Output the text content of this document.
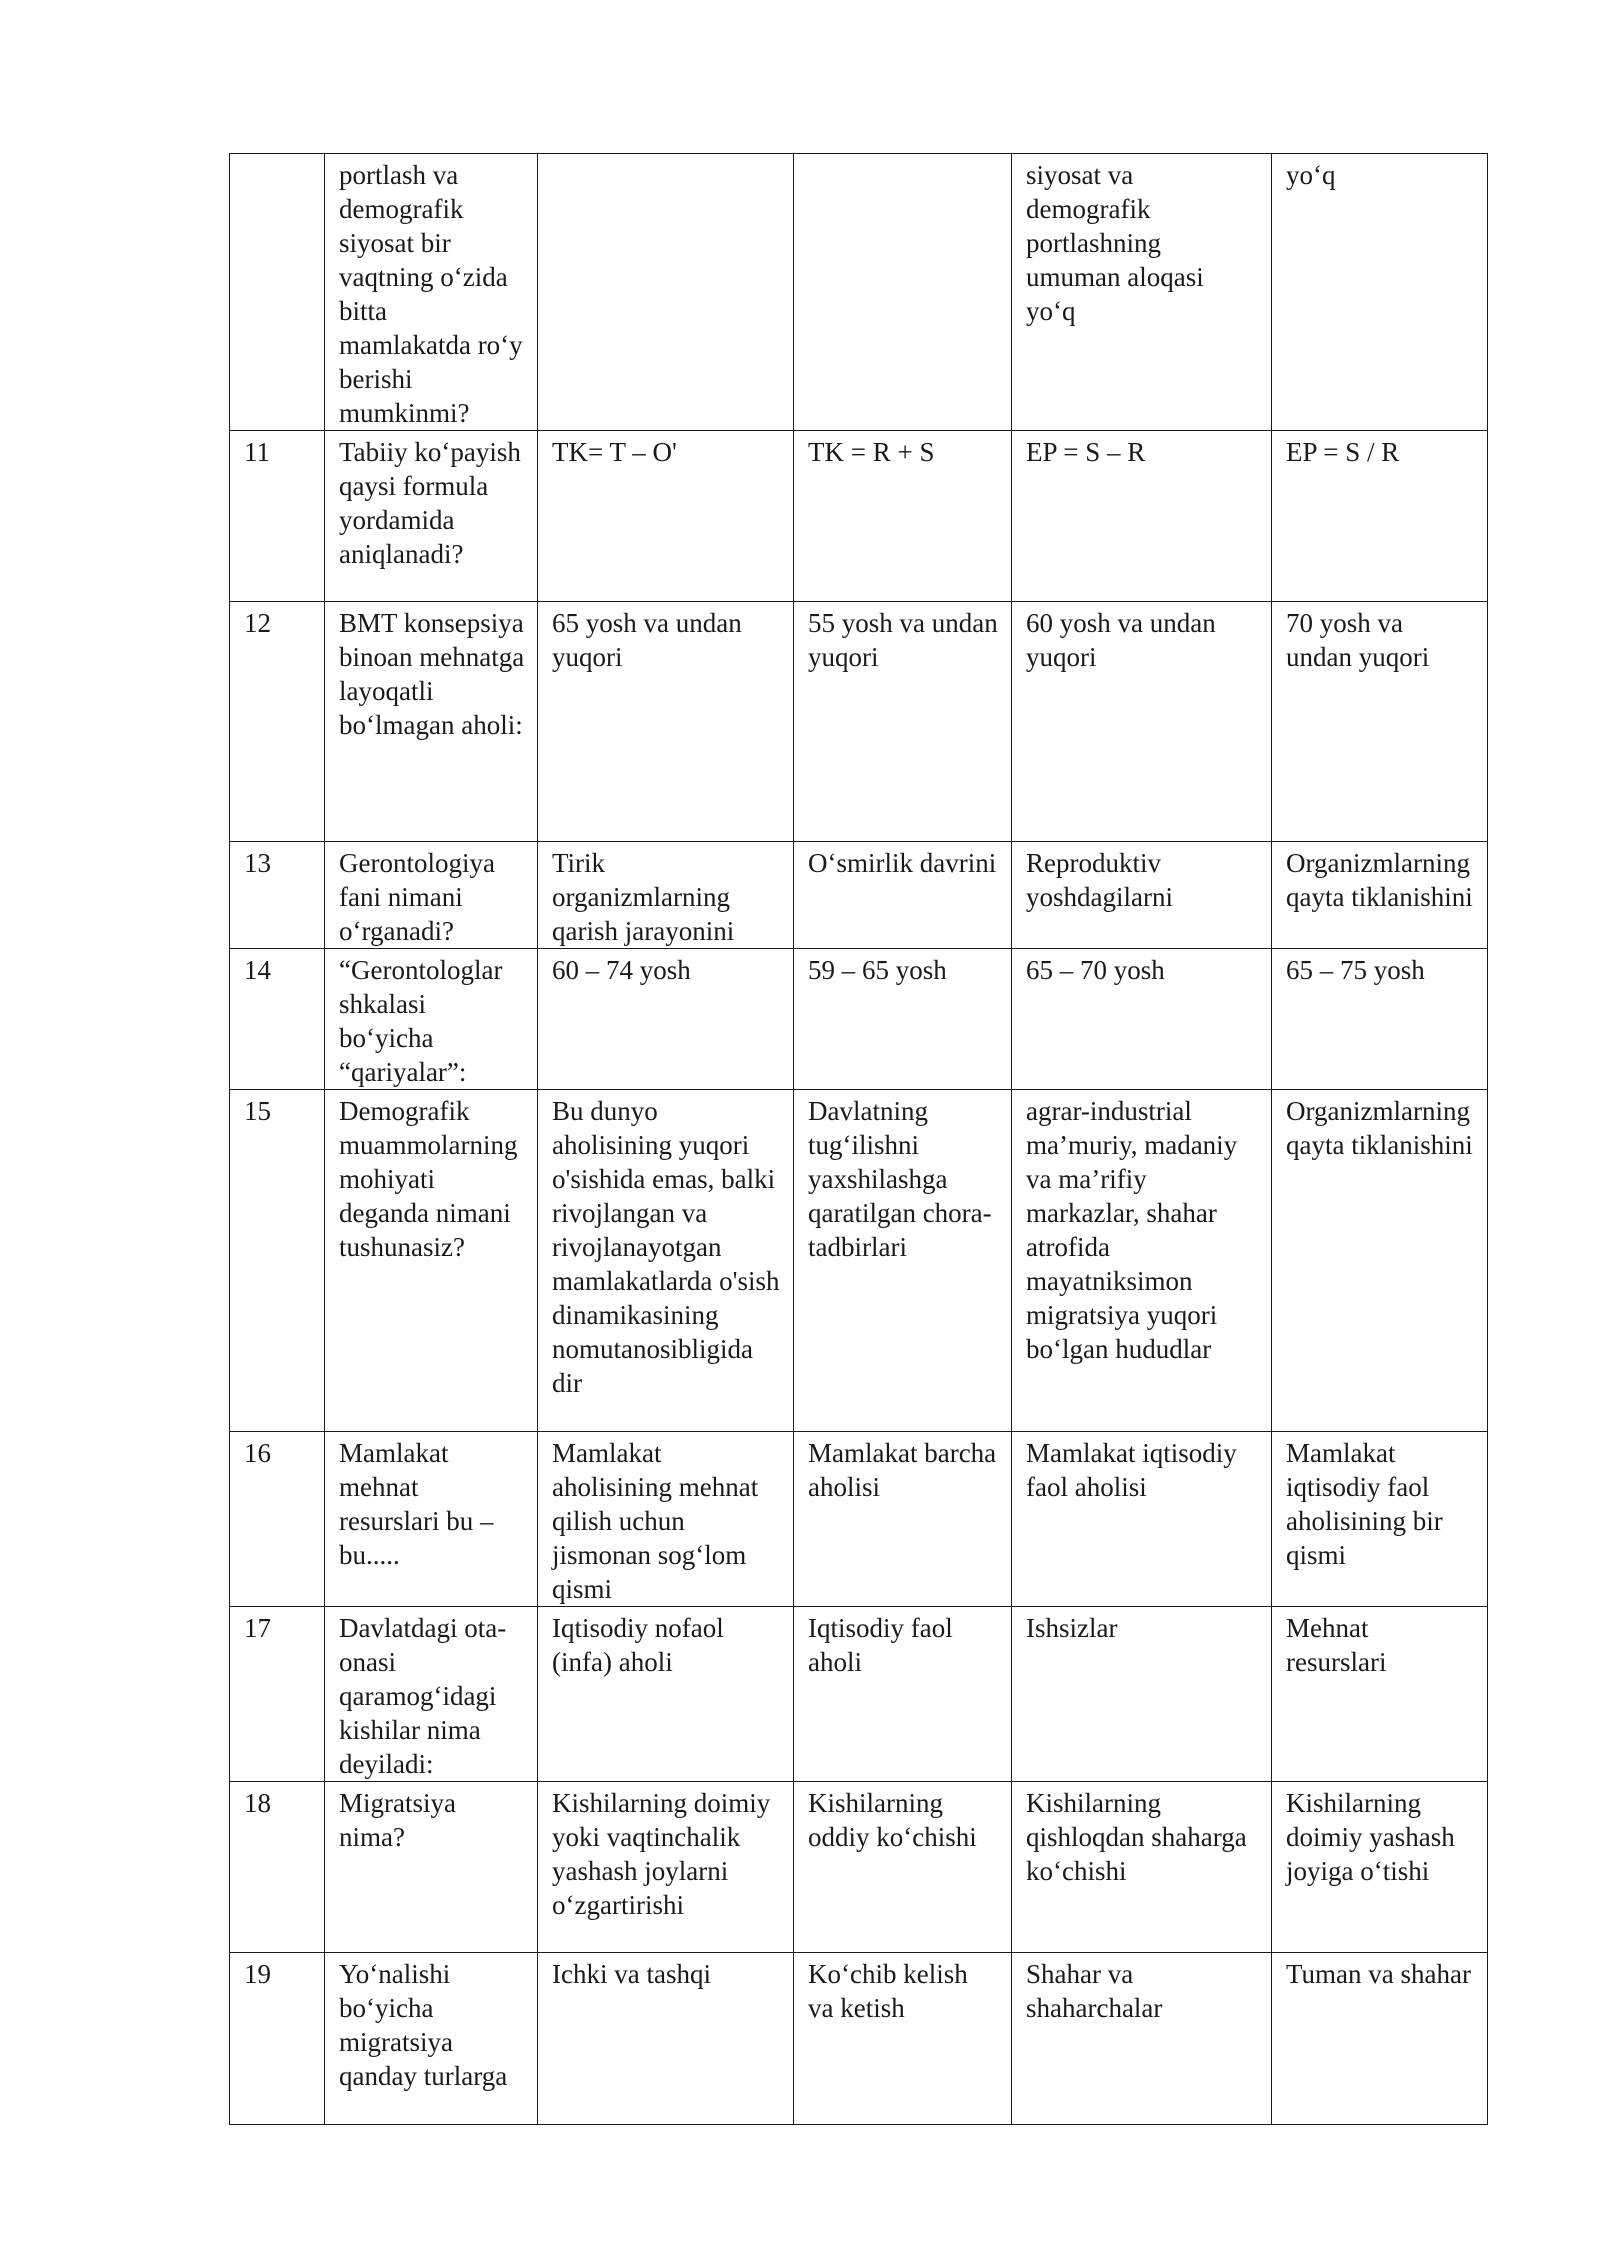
	portlash va demografik siyosat bir vaqtning o‘zida bitta mamlakatda ro‘y berishi mumkinmi?			siyosat va demografik portlashning umuman aloqasi yo‘q	yo‘q
11	Tabiiy ko‘payish qaysi formula yordamida aniqlanadi?	TK= T – O'	TK = R + S	EP = S – R	EP = S / R
12	BMT konsepsiya binoan mehnatga layoqatli bo‘lmagan aholi:	65 yosh va undan yuqori	55 yosh va undan yuqori	60 yosh va undan yuqori	70 yosh va undan yuqori
13	Gerontologiya fani nimani o‘rganadi?	Tirik organizmlarning qarish jarayonini	O‘smirlik davrini	Reproduktiv yoshdagilarni	Organizmlarning qayta tiklanishini
14	“Gerontologlar shkalasi bo‘yicha “qariyalar”:	60 – 74 yosh	59 – 65 yosh	65 – 70 yosh	65 – 75 yosh
15	Demografik muammolarning mohiyati deganda nimani tushunasiz?	Bu dunyo aholisining yuqori o'sishida emas, balki rivojlangan va rivojlanayotgan mamlakatlarda o'sish dinamikasining nomutanosibligida dir	Davlatning tug‘ilishni yaxshilashga qaratilgan chora-tadbirlari	agrar-industrial ma’muriy, madaniy va ma’rifiy markazlar, shahar atrofida mayatniksimon migratsiya yuqori bo‘lgan hududlar	Organizmlarning qayta tiklanishini
16	Mamlakat mehnat resurslari bu – bu.....	Mamlakat aholisining mehnat qilish uchun jismonan sog‘lom qismi	Mamlakat barcha aholisi	Mamlakat iqtisodiy faol aholisi	Mamlakat iqtisodiy faol aholisining bir qismi
17	Davlatdagi ota-onasi qaramog‘idagi kishilar nima deyiladi:	Iqtisodiy nofaol (infa) aholi	Iqtisodiy faol aholi	Ishsizlar	Mehnat resurslari
18	Migratsiya nima?	Kishilarning doimiy yoki vaqtinchalik yashash joylarni o‘zgartirishi	Kishilarning oddiy ko‘chishi	Kishilarning qishloqdan shaharga ko‘chishi	Kishilarning doimiy yashash joyiga o‘tishi
19	Yo‘nalishi bo‘yicha migratsiya qanday turlarga	Ichki va tashqi	Ko‘chib kelish va ketish	Shahar va shaharchalar	Tuman va shahar
